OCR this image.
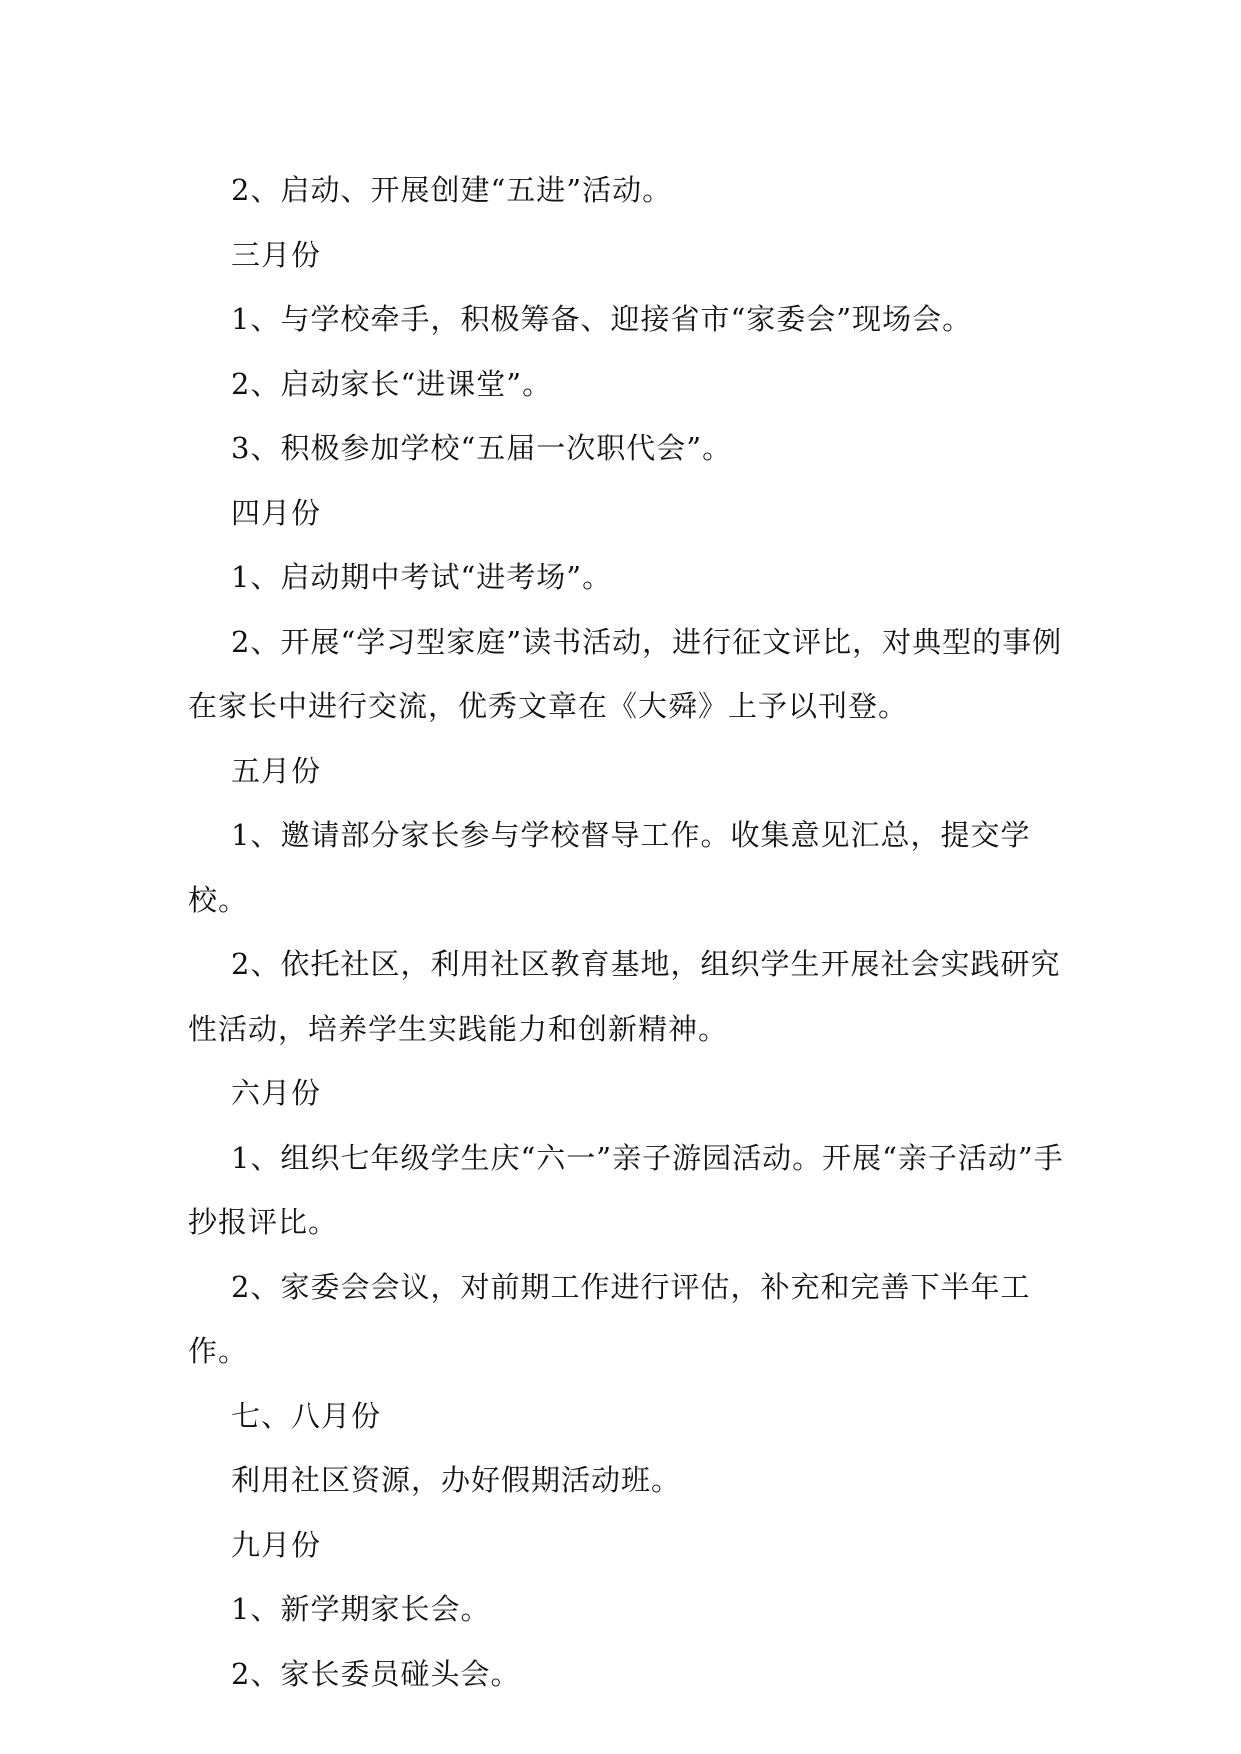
2、启动、开展创建“五进”活动。

三月份

1、与学校牵手，积极筹备、迎接省市“家委会”现场会。

2、启动家长“进课堂”。

3、积极参加学校“五届一次职代会”。

四月份

1、启动期中考试“进考场”。

2、开展“学习型家庭”读书活动，进行征文评比，对典型的事例在家长中进行交流，优秀文章在《大舜》上予以刊登。

五月份

1、邀请部分家长参与学校督导工作。收集意见汇总，提交学校。

2、依托社区，利用社区教育基地，组织学生开展社会实践研究性活动，培养学生实践能力和创新精神。

六月份

1、组织七年级学生庆“六一”亲子游园活动。开展“亲子活动”手抄报评比。

2、家委会会议，对前期工作进行评估，补充和完善下半年工作。

七、八月份

利用社区资源，办好假期活动班。

九月份

1、新学期家长会。

2、家长委员碰头会。
